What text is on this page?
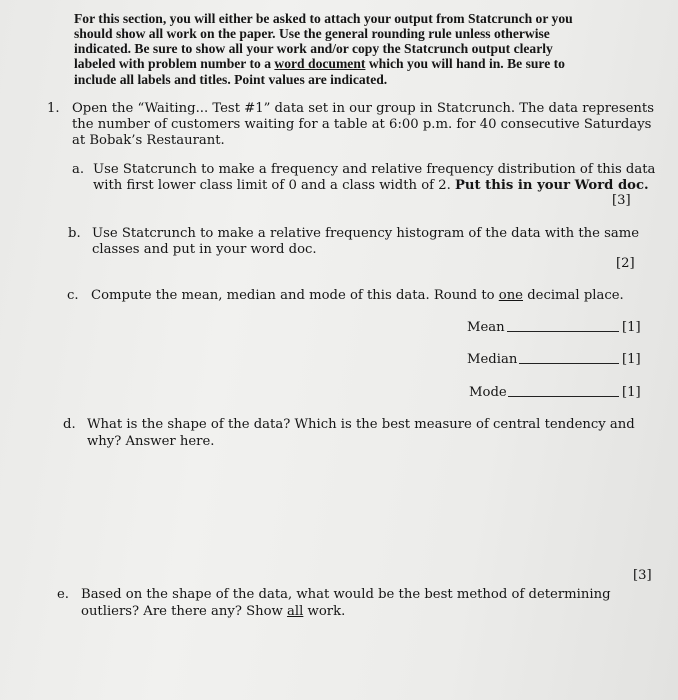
For this section, you will either be asked to attach your output from Statcrunch or you
should show all work on the paper. Use the general rounding rule unless otherwise
indicated. Be sure to show all your work and/or copy the Statcrunch output clearly
labeled with problem number to a word document which you will hand in. Be sure to
include all labels and titles. Point values are indicated.
1. Open the “Waiting... Test #1” data set in our group in Statcrunch. The data represents
the number of customers waiting for a table at 6:00 p.m. for 40 consecutive Saturdays
at Bobak’s Restaurant.
a. Use Statcrunch to make a frequency and relative frequency distribution of this data
with first lower class limit of 0 and a class width of 2. Put this in your Word doc.
[3]
b. Use Statcrunch to make a relative frequency histogram of the data with the same
classes and put in your word doc.
[2]
c. Compute the mean, median and mode of this data. Round to one decimal place.
Mean	[1]
Median	[1]
Mode	[1]
d. What is the shape of the data? Which is the best measure of central tendency and
why? Answer here.
[3]
e. Based on the shape of the data, what would be the best method of determining
outliers? Are there any? Show all work.
